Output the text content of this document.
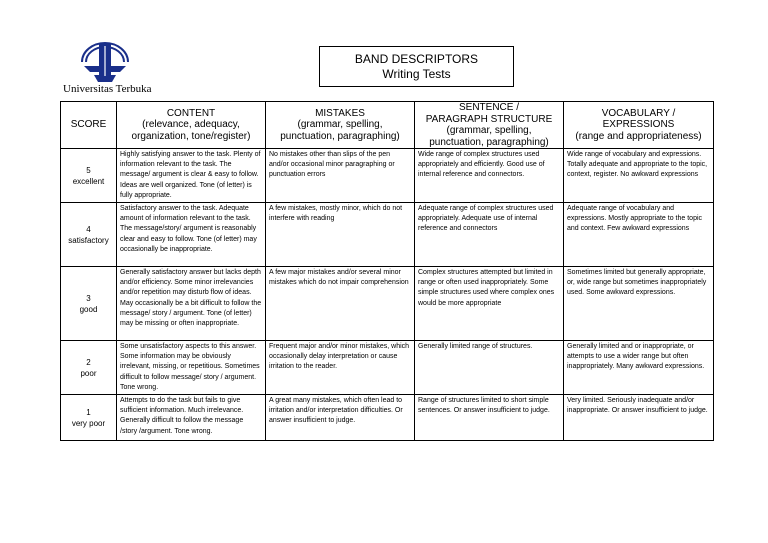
Universitas Terbuka
BAND DESCRIPTORS
Writing Tests
SCORE	CONTENT
(relevance, adequacy,
organization, tone/register)	MISTAKES
(grammar, spelling,
punctuation, paragraphing)	SENTENCE /
PARAGRAPH STRUCTURE
(grammar, spelling,
punctuation, paragraphing)	VOCABULARY /
EXPRESSIONS
(range and appropriateness)

5
excellent	Highly satisfying answer to the task. Plenty of information relevant to the task. The message/ argument is clear & easy to follow. Ideas are well organized. Tone (of letter) is fully appropriate.	No mistakes other than slips of the pen and/or occasional minor paragraphing or punctuation errors	Wide range of complex structures used appropriately and efficiently. Good use of internal reference and connectors.	Wide range of vocabulary and expressions. Totally adequate and appropriate to the topic, context, register. No awkward expressions

4
satisfactory	Satisfactory answer to the task. Adequate amount of information relevant to the task. The message/story/ argument is reasonably clear and easy to follow. Tone (of letter) may occasionally be inappropriate.	A few mistakes, mostly minor, which do not interfere with reading	Adequate range of complex structures used appropriately. Adequate use of internal reference and connectors	Adequate range of vocabulary and expressions. Mostly appropriate to the topic and context. Few awkward expressions

3
good	Generally satisfactory answer but lacks depth and/or efficiency. Some minor irrelevancies and/or repetition may disturb flow of ideas. May occasionally be a bit difficult to follow the message/ story / argument. Tone (of letter) may be missing or often inappropriate.	A few major mistakes and/or several minor mistakes which do not impair comprehension	Complex structures attempted but limited in range or often used inappropriately. Some simple structures used where complex ones would be more appropriate	Sometimes limited but generally appropriate, or, wide range but sometimes inappropriately used. Some awkward expressions.

2
poor	Some unsatisfactory aspects to this answer. Some information may be obviously irrelevant, missing, or repetitious. Sometimes difficult to follow message/ story / argument. Tone wrong.	Frequent major and/or minor mistakes, which occasionally delay interpretation or cause irritation to the reader.	Generally limited range of structures.	Generally limited and or inappropriate, or attempts to use a wider range but often inappropriately. Many awkward expressions.

1
very poor	Attempts to do the task but fails to give sufficient information. Much irrelevance. Generally difficult to follow the message /story /argument. Tone wrong.	A great many mistakes, which often lead to irritation and/or interpretation difficulties. Or answer insufficient to judge.	Range of structures limited to short simple sentences. Or answer insufficient to judge.	Very limited. Seriously inadequate and/or inappropriate. Or answer insufficient to judge.
